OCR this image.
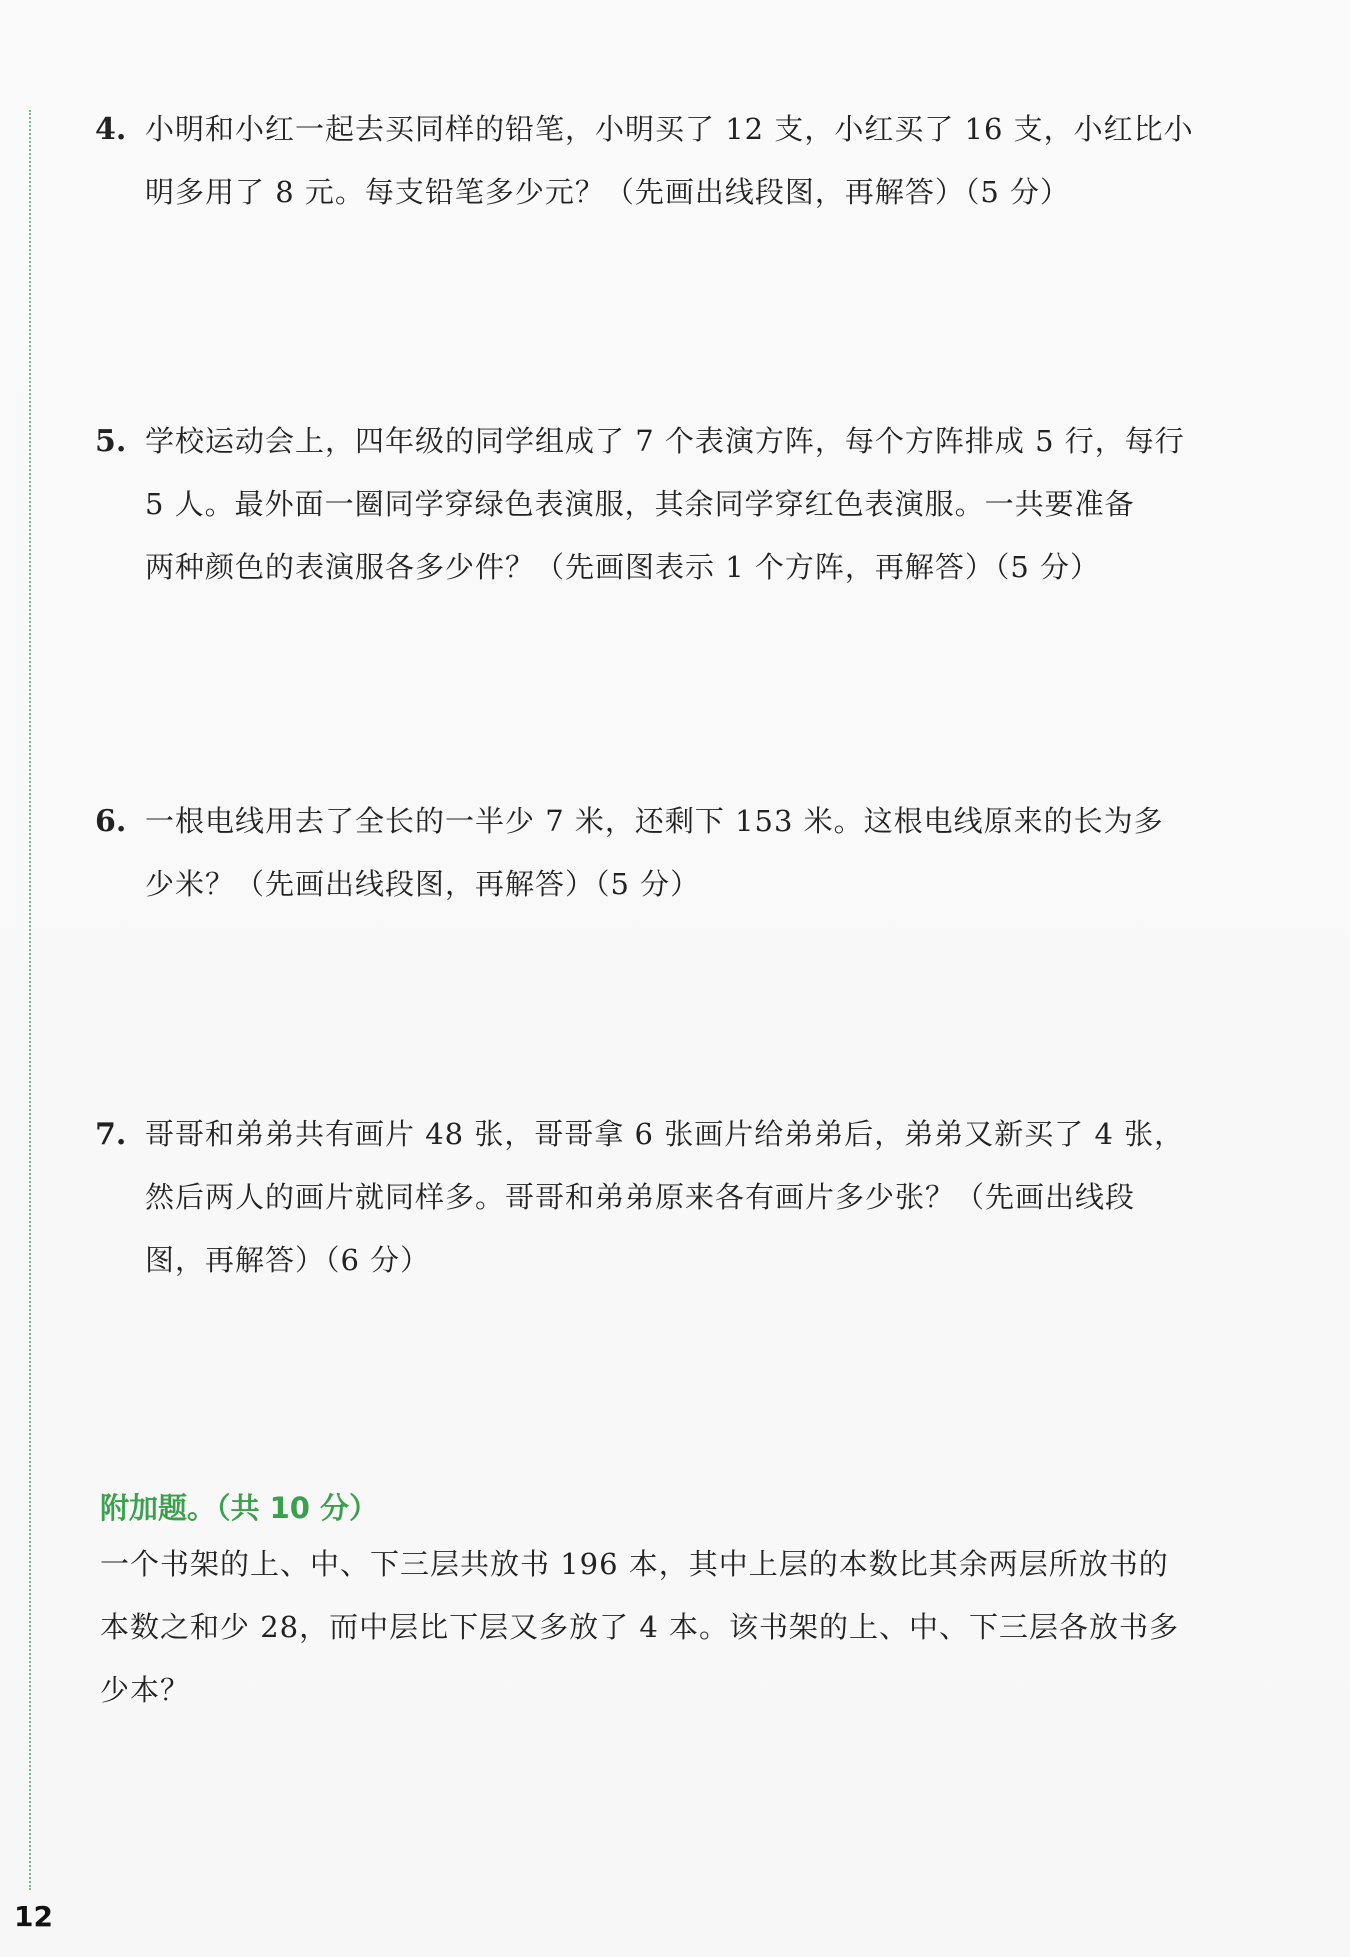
4. 小明和小红一起去买同样的铅笔，小明买了 12 支，小红买了 16 支，小红比小
明多用了 8 元。每支铅笔多少元？（先画出线段图，再解答）（5 分）
5. 学校运动会上，四年级的同学组成了 7 个表演方阵，每个方阵排成 5 行，每行
5 人。最外面一圈同学穿绿色表演服，其余同学穿红色表演服。一共要准备
两种颜色的表演服各多少件？（先画图表示 1 个方阵，再解答）（5 分）
6. 一根电线用去了全长的一半少 7 米，还剩下 153 米。这根电线原来的长为多
少米？（先画出线段图，再解答）（5 分）
7. 哥哥和弟弟共有画片 48 张，哥哥拿 6 张画片给弟弟后，弟弟又新买了 4 张，
然后两人的画片就同样多。哥哥和弟弟原来各有画片多少张？（先画出线段
图，再解答）（6 分）
附加题。（共 10 分）
一个书架的上、中、下三层共放书 196 本，其中上层的本数比其余两层所放书的
本数之和少 28，而中层比下层又多放了 4 本。该书架的上、中、下三层各放书多
少本？
12
